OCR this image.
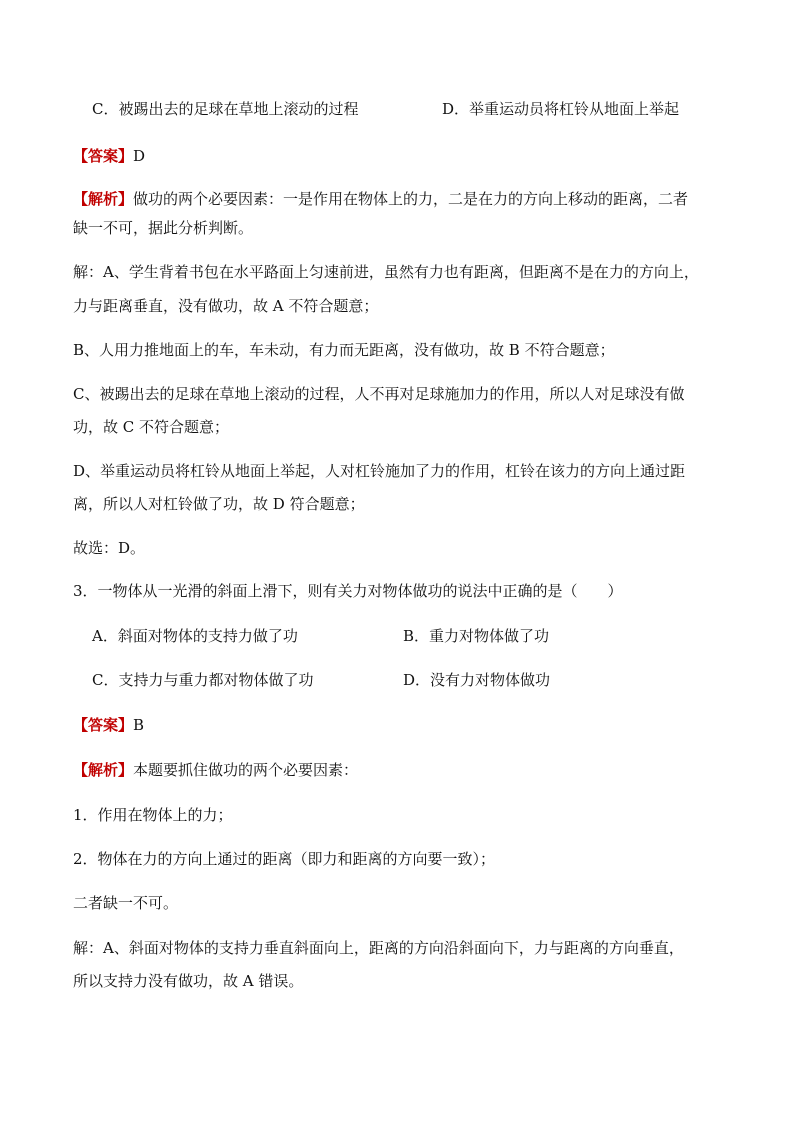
C．被踢出去的足球在草地上滚动的过程	D．举重运动员将杠铃从地面上举起
【答案】D
【解析】做功的两个必要因素：一是作用在物体上的力，二是在力的方向上移动的距离，二者
缺一不可，据此分析判断。
解：A、学生背着书包在水平路面上匀速前进，虽然有力也有距离，但距离不是在力的方向上，
力与距离垂直，没有做功，故 A 不符合题意；
B、人用力推地面上的车，车未动，有力而无距离，没有做功，故 B 不符合题意；
C、被踢出去的足球在草地上滚动的过程，人不再对足球施加力的作用，所以人对足球没有做
功，故 C 不符合题意；
D、举重运动员将杠铃从地面上举起，人对杠铃施加了力的作用，杠铃在该力的方向上通过距
离，所以人对杠铃做了功，故 D 符合题意；
故选：D。
3．一物体从一光滑的斜面上滑下，则有关力对物体做功的说法中正确的是（　　）
A．斜面对物体的支持力做了功	B．重力对物体做了功
C．支持力与重力都对物体做了功	D．没有力对物体做功
【答案】B
【解析】本题要抓住做功的两个必要因素：
1．作用在物体上的力；
2．物体在力的方向上通过的距离（即力和距离的方向要一致）；
二者缺一不可。
解：A、斜面对物体的支持力垂直斜面向上，距离的方向沿斜面向下，力与距离的方向垂直，
所以支持力没有做功，故 A 错误。
